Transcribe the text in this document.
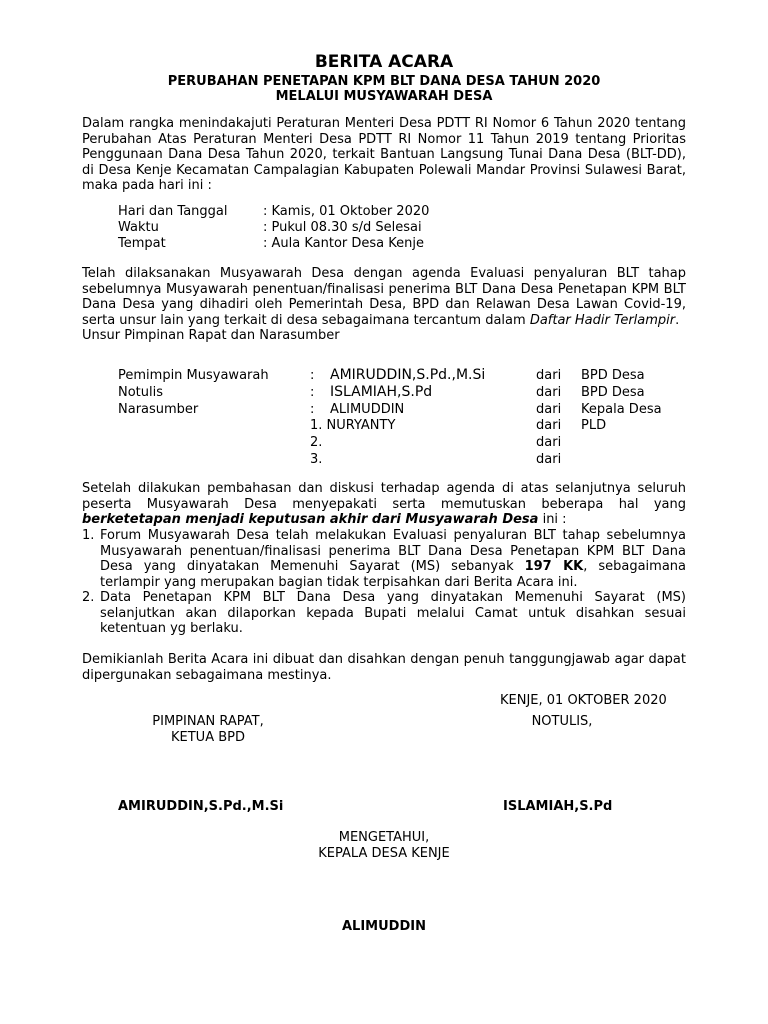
BERITA ACARA
PERUBAHAN PENETAPAN KPM BLT DANA DESA TAHUN 2020
MELALUI MUSYAWARAH DESA

Dalam rangka menindakajuti Peraturan Menteri Desa PDTT RI Nomor 6 Tahun 2020 tentang Perubahan Atas Peraturan Menteri Desa PDTT RI Nomor 11 Tahun 2019 tentang Prioritas Penggunaan Dana Desa Tahun 2020, terkait Bantuan Langsung Tunai Dana Desa (BLT-DD), di Desa Kenje Kecamatan Campalagian Kabupaten Polewali Mandar Provinsi Sulawesi Barat, maka pada hari ini :

Hari dan Tanggal	: Kamis, 01 Oktober 2020
Waktu	: Pukul 08.30 s/d Selesai
Tempat	: Aula Kantor Desa Kenje

Telah dilaksanakan Musyawarah Desa dengan agenda Evaluasi penyaluran BLT tahap sebelumnya Musyawarah penentuan/finalisasi penerima BLT Dana Desa Penetapan KPM BLT Dana Desa yang dihadiri oleh Pemerintah Desa, BPD dan Relawan Desa Lawan Covid-19, serta unsur lain yang terkait di desa sebagaimana tercantum dalam Daftar Hadir Terlampir.

Unsur Pimpinan Rapat dan Narasumber

Pemimpin Musyawarah	: AMIRUDDIN,S.Pd.,M.Si	dari BPD Desa
Notulis	: ISLAMIAH,S.Pd	dari BPD Desa
Narasumber	: ALIMUDDIN	dari Kepala Desa
1. NURYANTY	dari PLD
2.	dari
3.	dari

Setelah dilakukan pembahasan dan diskusi terhadap agenda di atas selanjutnya seluruh peserta Musyawarah Desa menyepakati serta memutuskan beberapa hal yang berketetapan menjadi keputusan akhir dari Musyawarah Desa ini :

1. Forum Musyawarah Desa telah melakukan Evaluasi penyaluran BLT tahap sebelumnya Musyawarah penentuan/finalisasi penerima BLT Dana Desa Penetapan KPM BLT Dana Desa yang dinyatakan Memenuhi Sayarat (MS) sebanyak 197 KK, sebagaimana terlampir yang merupakan bagian tidak terpisahkan dari Berita Acara ini.

2. Data Penetapan KPM BLT Dana Desa yang dinyatakan Memenuhi Sayarat (MS) selanjutkan akan dilaporkan kepada Bupati melalui Camat untuk disahkan sesuai ketentuan yg berlaku.

Demikianlah Berita Acara ini dibuat dan disahkan dengan penuh tanggungjawab agar dapat dipergunakan sebagaimana mestinya.

KENJE, 01 OKTOBER 2020
PIMPINAN RAPAT,
KETUA BPD
NOTULIS,
AMIRUDDIN,S.Pd.,M.Si	ISLAMIAH,S.Pd
MENGETAHUI,
KEPALA DESA KENJE
ALIMUDDIN
